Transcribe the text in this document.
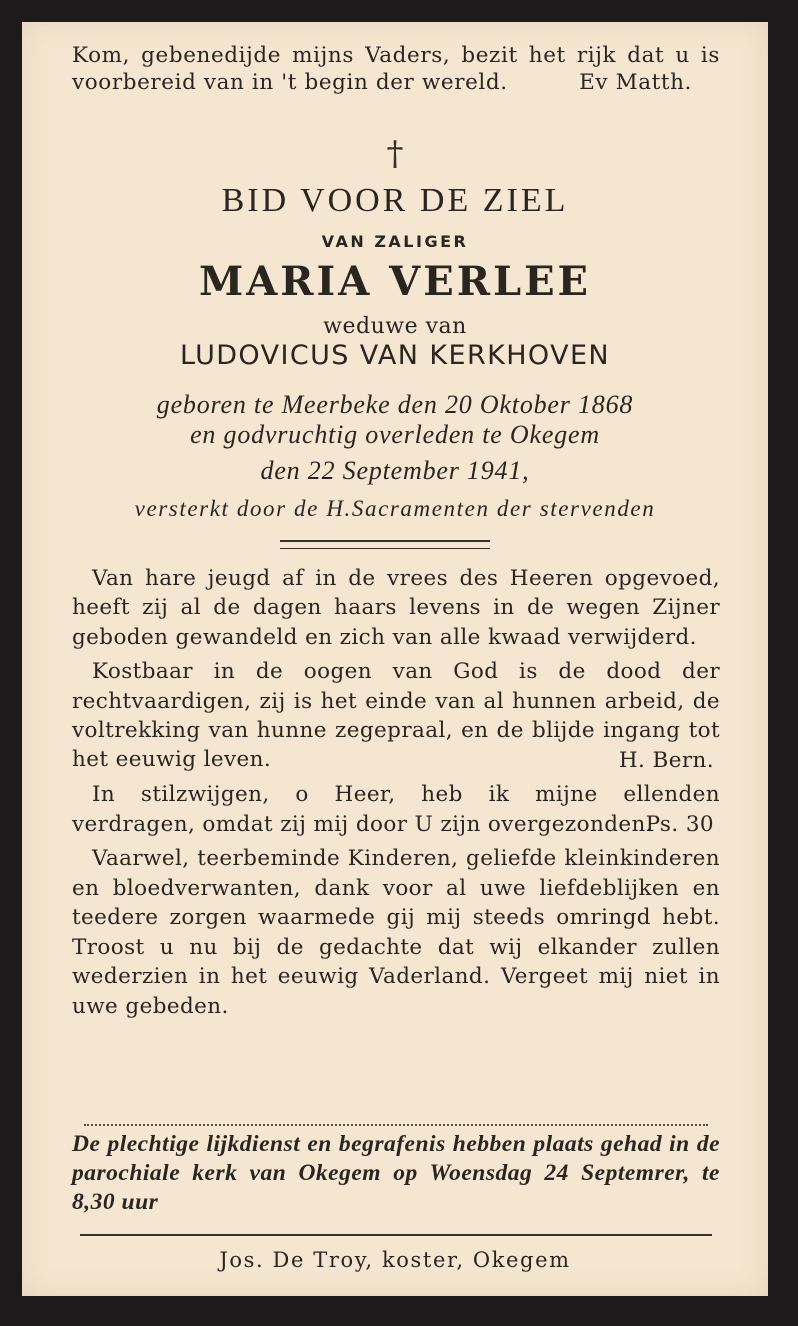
Kom, gebenedijde mijns Vaders, bezit het rijk dat u is voorbereid van in 't begin der wereld.	Ev Matth.
†
BID VOOR DE ZIEL
VAN ZALIGER
MARIA VERLEE
weduwe van
LUDOVICUS VAN KERKHOVEN
geboren te Meerbeke den 20 Oktober 1868
en godvruchtig overleden te Okegem
den 22 September 1941,
versterkt door de H.Sacramenten der stervenden

Van hare jeugd af in de vrees des Heeren opgevoed, heeft zij al de dagen haars levens in de wegen Zijner geboden gewandeld en zich van alle kwaad verwijderd.

Kostbaar in de oogen van God is de dood der rechtvaardigen, zij is het einde van al hunnen arbeid, de voltrekking van hunne zegepraal, en de blijde ingang tot het eeuwig leven.	H. Bern.

In stilzwijgen, o Heer, heb ik mijne ellenden verdragen, omdat zij mij door U zijn overgezonden.

Ps. 30

Vaarwel, teerbeminde Kinderen, geliefde kleinkinderen en bloedverwanten, dank voor al uwe liefdeblijken en teedere zorgen waarmede gij mij steeds omringd hebt. Troost u nu bij de gedachte dat wij elkander zullen wederzien in het eeuwig Vaderland. Vergeet mij niet in uwe gebeden.

De plechtige lijkdienst en begrafenis hebben plaats gehad in de parochiale kerk van Okegem op Woensdag 24 Septemrer, te 8,30 uur
Jos. De Troy, koster, Okegem
